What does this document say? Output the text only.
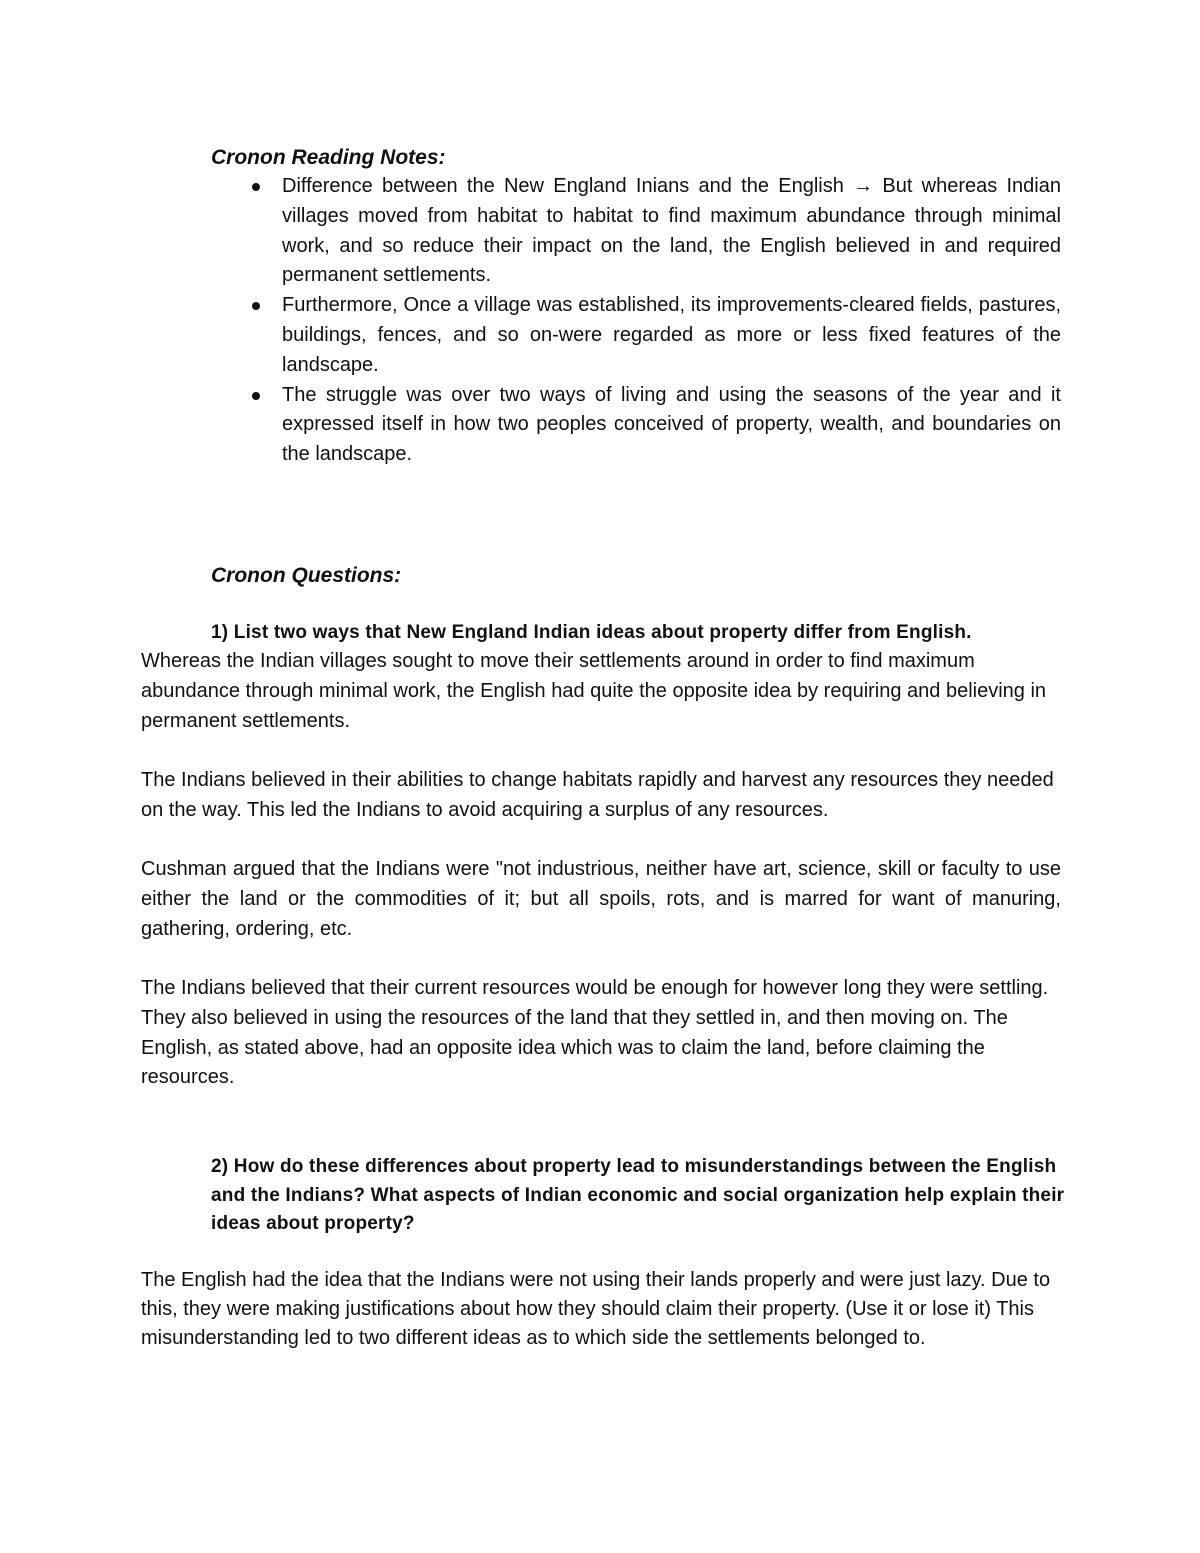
Cronon Reading Notes:
Difference between the New England Inians and the English → But whereas Indian villages moved from habitat to habitat to find maximum abundance through minimal work, and so reduce their impact on the land, the English believed in and required permanent settlements.
Furthermore, Once a village was established, its improvements-cleared fields, pastures, buildings, fences, and so on-were regarded as more or less fixed features of the landscape.
The struggle was over two ways of living and using the seasons of the year and it expressed itself in how two peoples conceived of property, wealth, and boundaries on the landscape.
Cronon Questions:

1) List two ways that New England Indian ideas about property differ from English.

Whereas the Indian villages sought to move their settlements around in order to find maximum abundance through minimal work, the English had quite the opposite idea by requiring and believing in permanent settlements.

The Indians believed in their abilities to change habitats rapidly and harvest any resources they needed on the way. This led the Indians to avoid acquiring a surplus of any resources.

Cushman argued that the Indians were "not industrious, neither have art, science, skill or faculty to use either the land or the commodities of it; but all spoils, rots, and is marred for want of manuring, gathering, ordering, etc.

The Indians believed that their current resources would be enough for however long they were settling. They also believed in using the resources of the land that they settled in, and then moving on. The English, as stated above, had an opposite idea which was to claim the land, before claiming the resources.

2) How do these differences about property lead to misunderstandings between the English and the Indians? What aspects of Indian economic and social organization help explain their ideas about property?

The English had the idea that the Indians were not using their lands properly and were just lazy. Due to this, they were making justifications about how they should claim their property. (Use it or lose it) This misunderstanding led to two different ideas as to which side the settlements belonged to.
